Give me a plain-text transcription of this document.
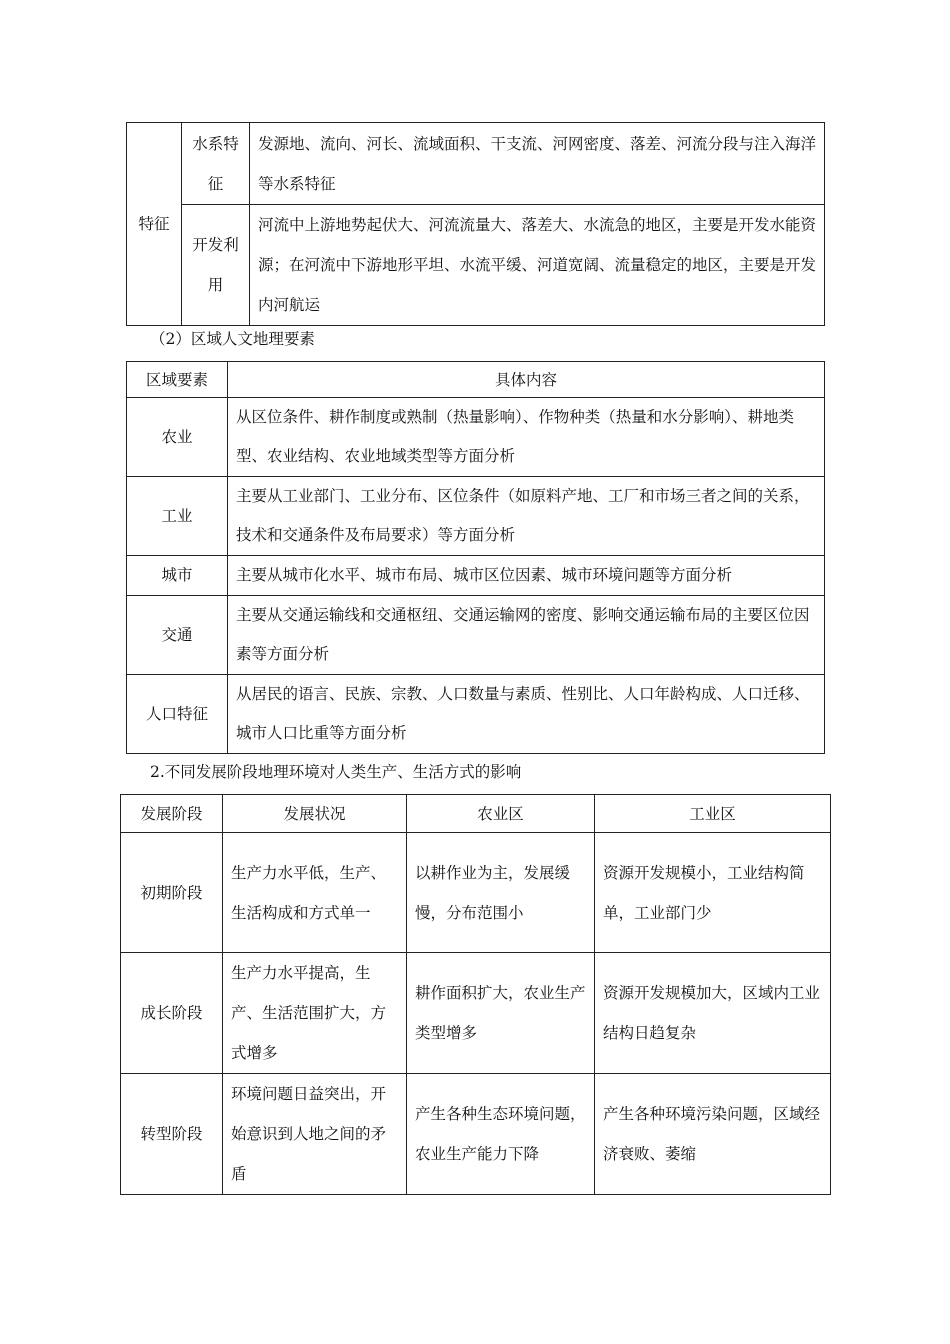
特征	水系特征	发源地、流向、河长、流域面积、干支流、河网密度、落差、河流分段与注入海洋等水系特征
	开发利用	河流中上游地势起伏大、河流流量大、落差大、水流急的地区，主要是开发水能资源；在河流中下游地形平坦、水流平缓、河道宽阔、流量稳定的地区，主要是开发内河航运
（2）区域人文地理要素
区域要素	具体内容
农业	从区位条件、耕作制度或熟制（热量影响）、作物种类（热量和水分影响）、耕地类型、农业结构、农业地域类型等方面分析
工业	主要从工业部门、工业分布、区位条件（如原料产地、工厂和市场三者之间的关系，技术和交通条件及布局要求）等方面分析
城市	主要从城市化水平、城市布局、城市区位因素、城市环境问题等方面分析
交通	主要从交通运输线和交通枢纽、交通运输网的密度、影响交通运输布局的主要区位因素等方面分析
人口特征	从居民的语言、民族、宗教、人口数量与素质、性别比、人口年龄构成、人口迁移、城市人口比重等方面分析
2.不同发展阶段地理环境对人类生产、生活方式的影响
发展阶段	发展状况	农业区	工业区
初期阶段	生产力水平低，生产、生活构成和方式单一	以耕作业为主，发展缓慢，分布范围小	资源开发规模小，工业结构简单，工业部门少
成长阶段	生产力水平提高，生产、生活范围扩大，方式增多	耕作面积扩大，农业生产类型增多	资源开发规模加大，区域内工业结构日趋复杂
转型阶段	环境问题日益突出，开始意识到人地之间的矛盾	产生各种生态环境问题，农业生产能力下降	产生各种环境污染问题，区域经济衰败、萎缩
